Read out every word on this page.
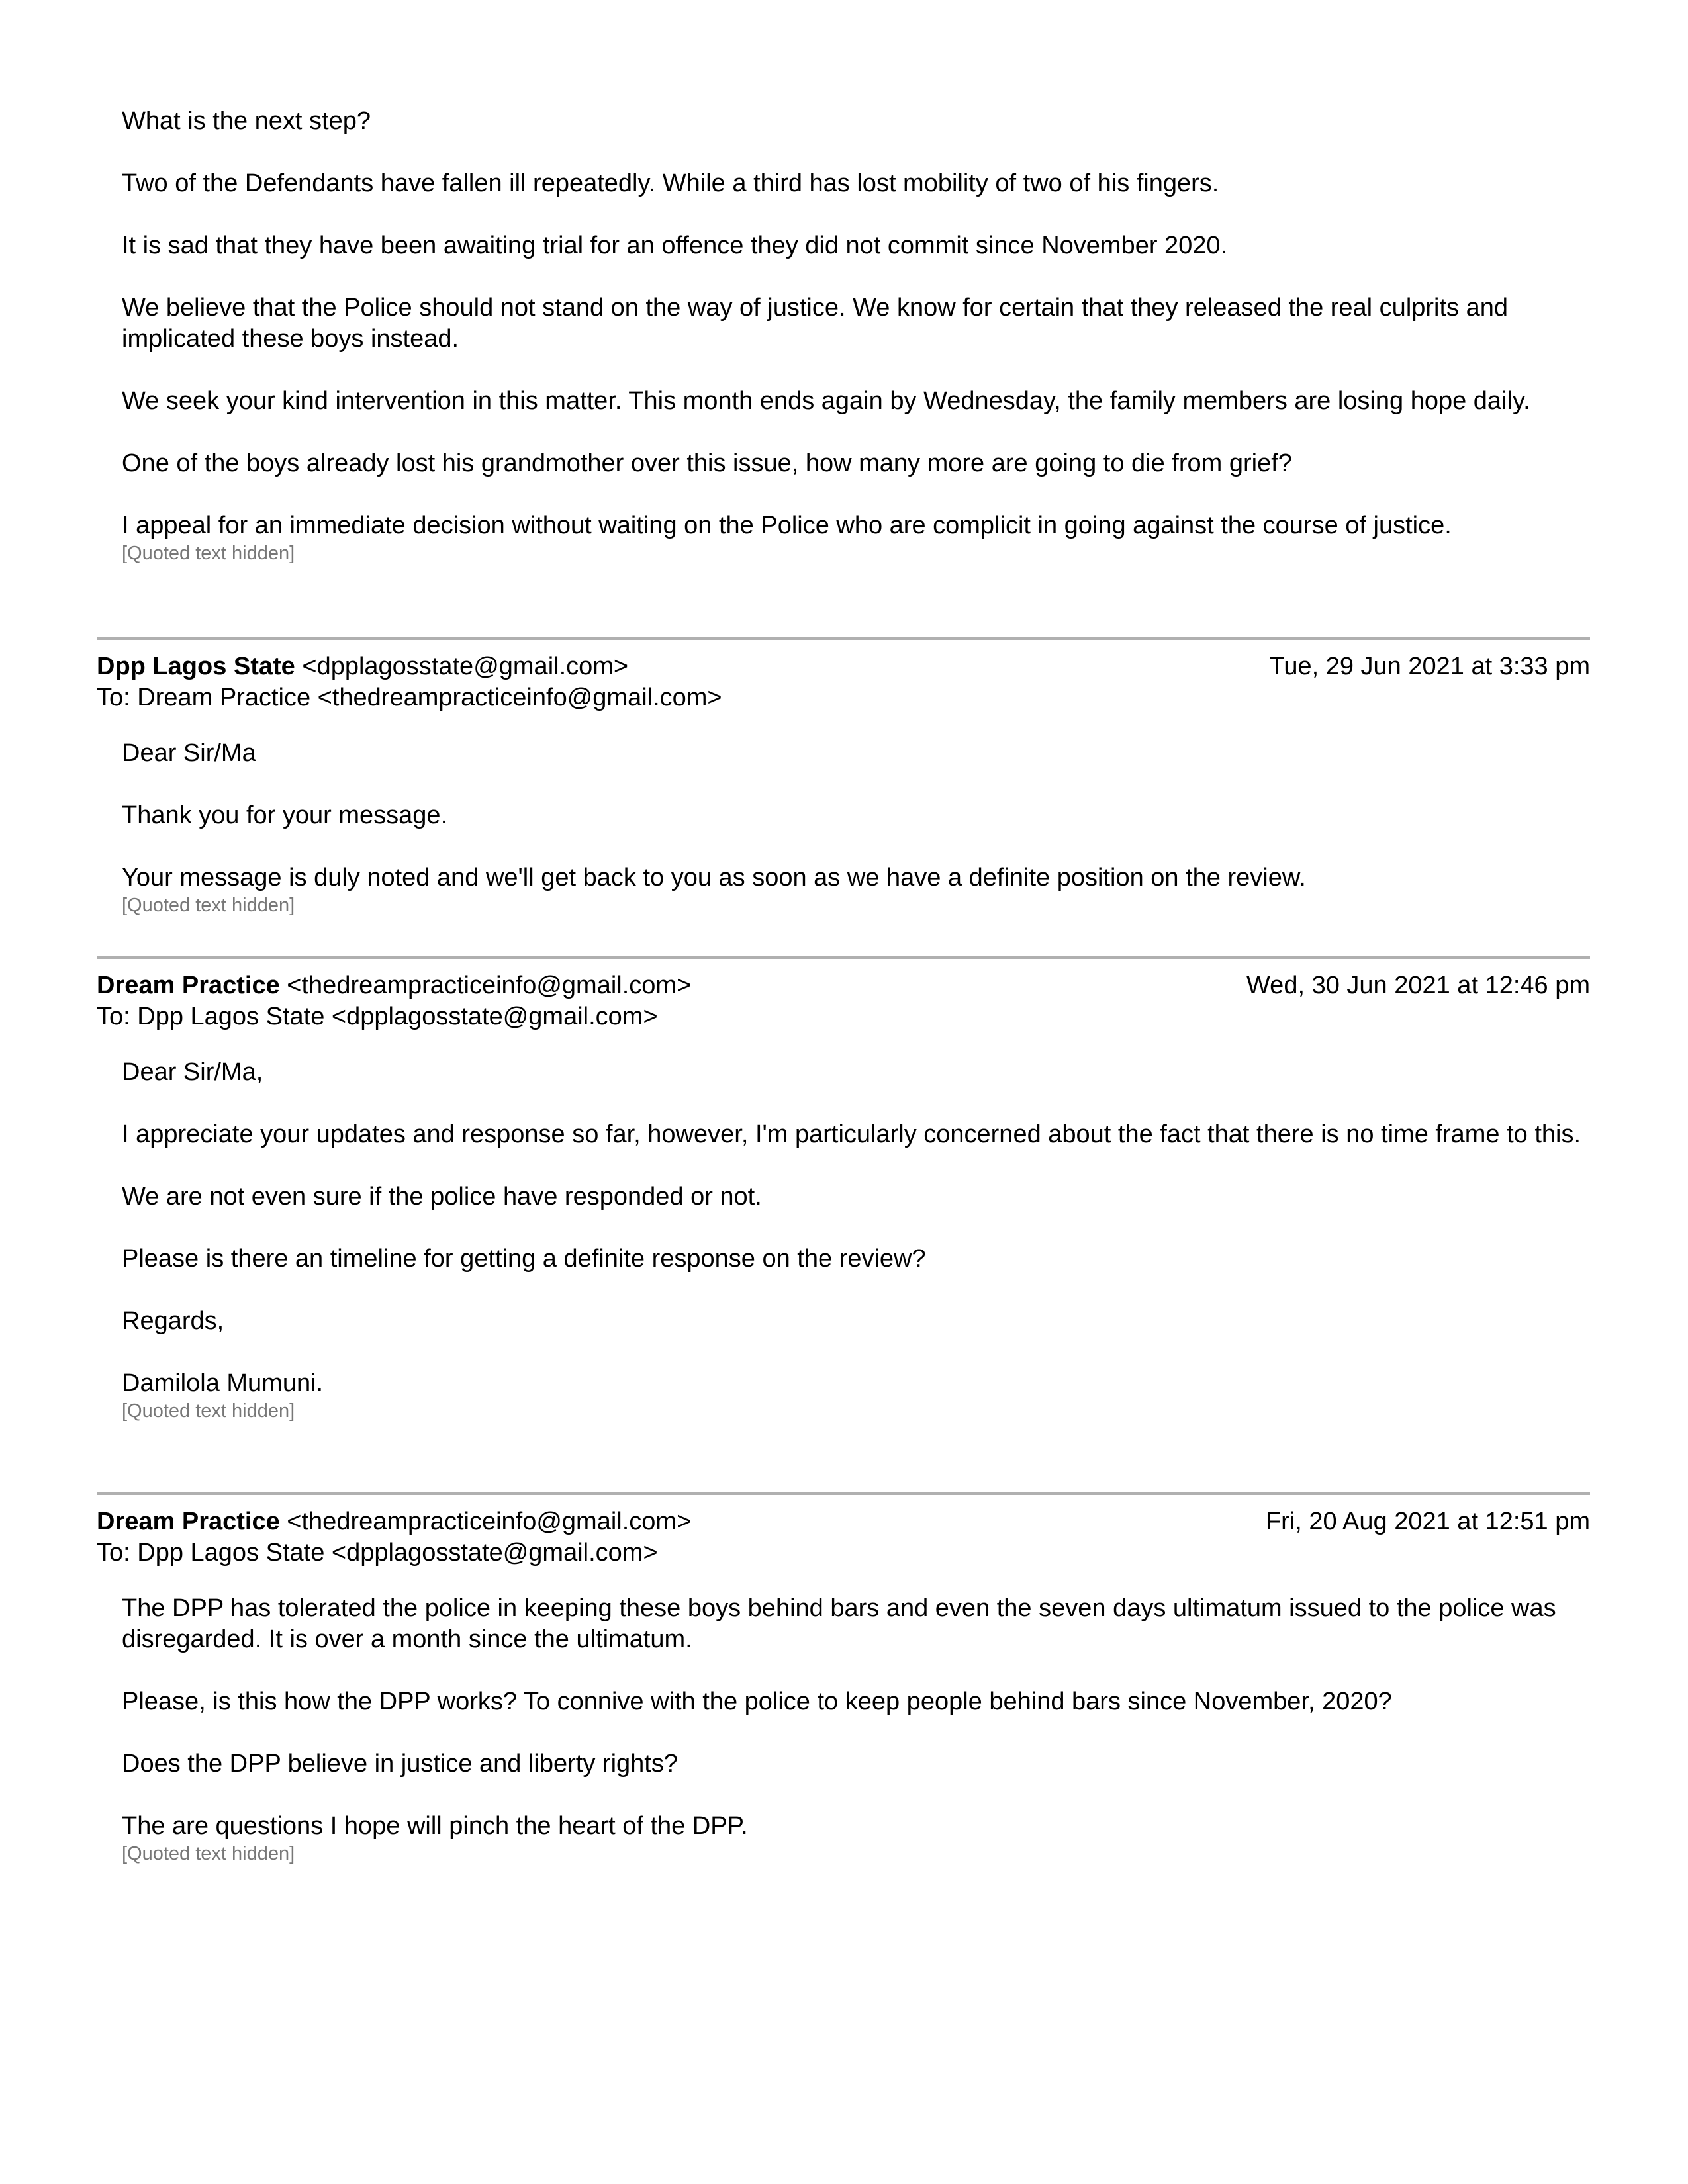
What is the next step?

Two of the Defendants have fallen ill repeatedly. While a third has lost mobility of two of his fingers.

It is sad that they have been awaiting trial for an offence they did not commit since November 2020.

We believe that the Police should not stand on the way of justice. We know for certain that they released the real culprits and implicated these boys instead.

We seek your kind intervention in this matter. This month ends again by Wednesday, the family members are losing hope daily.

One of the boys already lost his grandmother over this issue, how many more are going to die from grief?

I appeal for an immediate decision without waiting on the Police who are complicit in going against the course of justice.

[Quoted text hidden]
Dpp Lagos State <dpplagosstate@gmail.com>	Tue, 29 Jun 2021 at 3:33 pm
To: Dream Practice <thedreampracticeinfo@gmail.com>

Dear Sir/Ma

Thank you for your message.

Your message is duly noted and we'll get back to you as soon as we have a definite position on the review.

[Quoted text hidden]
Dream Practice <thedreampracticeinfo@gmail.com>	Wed, 30 Jun 2021 at 12:46 pm
To: Dpp Lagos State <dpplagosstate@gmail.com>

Dear Sir/Ma,

I appreciate your updates and response so far, however, I'm particularly concerned about the fact that there is no time frame to this.

We are not even sure if the police have responded or not.

Please is there an timeline for getting a definite response on the review?

Regards,

Damilola Mumuni.

[Quoted text hidden]
Dream Practice <thedreampracticeinfo@gmail.com>	Fri, 20 Aug 2021 at 12:51 pm
To: Dpp Lagos State <dpplagosstate@gmail.com>

The DPP has tolerated the police in keeping these boys behind bars and even the seven days ultimatum issued to the police was disregarded. It is over a month since the ultimatum.

Please, is this how the DPP works? To connive with the police to keep people behind bars since November, 2020?

Does the DPP believe in justice and liberty rights?

The are questions I hope will pinch the heart of the DPP.

[Quoted text hidden]
